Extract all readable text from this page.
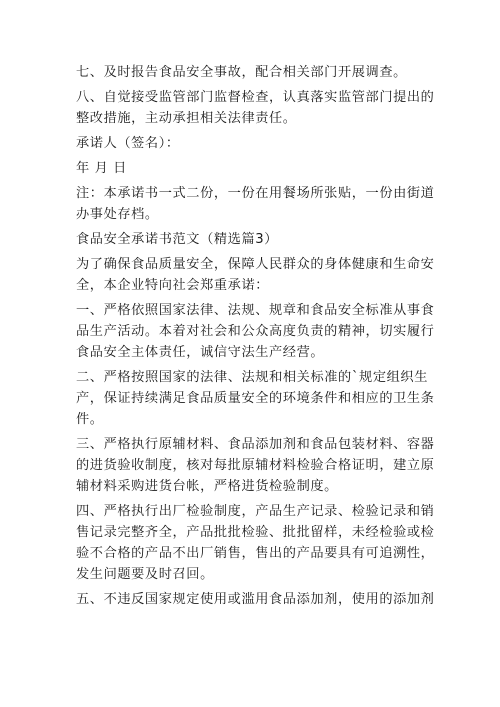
七、及时报告食品安全事故，配合相关部门开展调查。
八、自觉接受监管部门监督检查，认真落实监管部门提出的
整改措施，主动承担相关法律责任。
承诺人（签名）：
年 月 日
注：本承诺书一式二份，一份在用餐场所张贴，一份由街道
办事处存档。
食品安全承诺书范文（精选篇3）
为了确保食品质量安全，保障人民群众的身体健康和生命安
全，本企业特向社会郑重承诺：
一、严格依照国家法律、法规、规章和食品安全标准从事食
品生产活动。本着对社会和公众高度负责的精神，切实履行
食品安全主体责任，诚信守法生产经营。
二、严格按照国家的法律、法规和相关标准的`规定组织生
产，保证持续满足食品质量安全的环境条件和相应的卫生条
件。
三、严格执行原辅材料、食品添加剂和食品包装材料、容器
的进货验收制度，核对每批原辅材料检验合格证明，建立原
辅材料采购进货台帐，严格进货检验制度。
四、严格执行出厂检验制度，产品生产记录、检验记录和销
售记录完整齐全，产品批批检验、批批留样，未经检验或检
验不合格的产品不出厂销售，售出的产品要具有可追溯性，
发生问题要及时召回。
五、不违反国家规定使用或滥用食品添加剂，使用的添加剂
